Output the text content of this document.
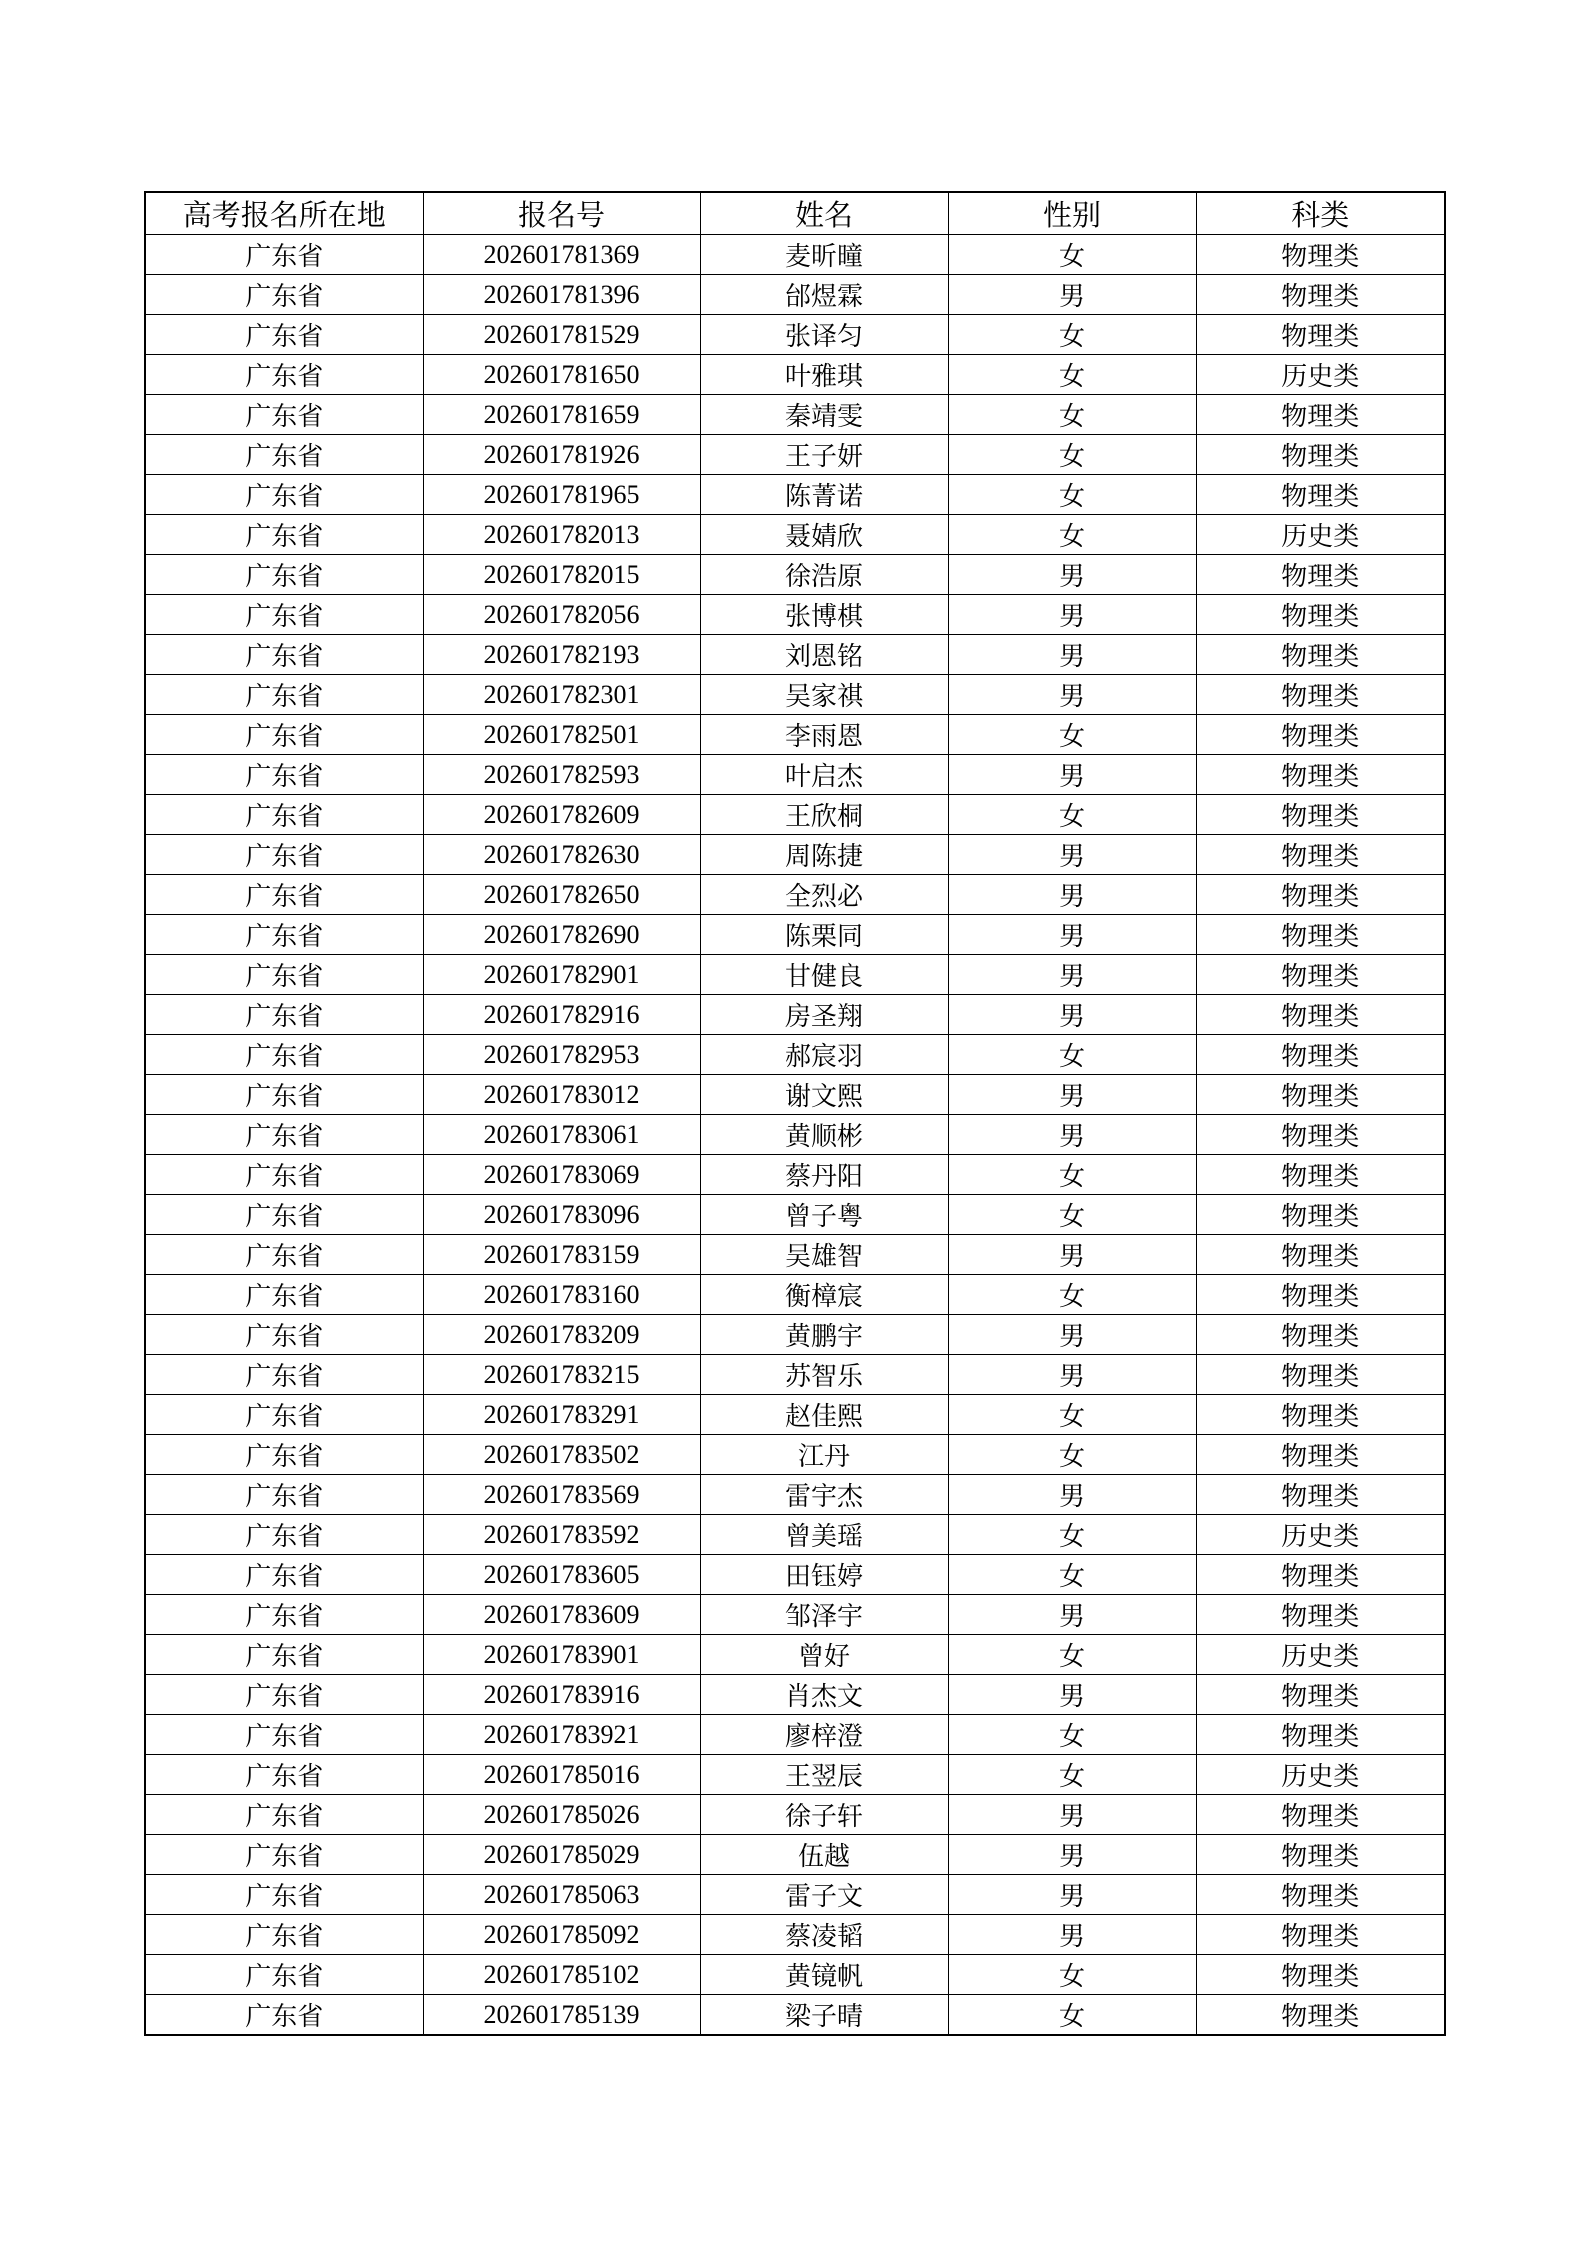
高考报名所在地	报名号	姓名	性别	科类
广东省	202601781369	麦昕曈	女	物理类
广东省	202601781396	邰煜霖	男	物理类
广东省	202601781529	张译匀	女	物理类
广东省	202601781650	叶雅琪	女	历史类
广东省	202601781659	秦靖雯	女	物理类
广东省	202601781926	王子妍	女	物理类
广东省	202601781965	陈菁诺	女	物理类
广东省	202601782013	聂婧欣	女	历史类
广东省	202601782015	徐浩原	男	物理类
广东省	202601782056	张博棋	男	物理类
广东省	202601782193	刘恩铭	男	物理类
广东省	202601782301	吴家祺	男	物理类
广东省	202601782501	李雨恩	女	物理类
广东省	202601782593	叶启杰	男	物理类
广东省	202601782609	王欣桐	女	物理类
广东省	202601782630	周陈捷	男	物理类
广东省	202601782650	全烈必	男	物理类
广东省	202601782690	陈栗同	男	物理类
广东省	202601782901	甘健良	男	物理类
广东省	202601782916	房圣翔	男	物理类
广东省	202601782953	郝宸羽	女	物理类
广东省	202601783012	谢文熙	男	物理类
广东省	202601783061	黄顺彬	男	物理类
广东省	202601783069	蔡丹阳	女	物理类
广东省	202601783096	曾子粤	女	物理类
广东省	202601783159	吴雄智	男	物理类
广东省	202601783160	衡樟宸	女	物理类
广东省	202601783209	黄鹏宇	男	物理类
广东省	202601783215	苏智乐	男	物理类
广东省	202601783291	赵佳熙	女	物理类
广东省	202601783502	江丹	女	物理类
广东省	202601783569	雷宇杰	男	物理类
广东省	202601783592	曾美瑶	女	历史类
广东省	202601783605	田钰婷	女	物理类
广东省	202601783609	邹泽宇	男	物理类
广东省	202601783901	曾好	女	历史类
广东省	202601783916	肖杰文	男	物理类
广东省	202601783921	廖梓澄	女	物理类
广东省	202601785016	王翌辰	女	历史类
广东省	202601785026	徐子轩	男	物理类
广东省	202601785029	伍越	男	物理类
广东省	202601785063	雷子文	男	物理类
广东省	202601785092	蔡凌韬	男	物理类
广东省	202601785102	黄镜帆	女	物理类
广东省	202601785139	梁子晴	女	物理类
